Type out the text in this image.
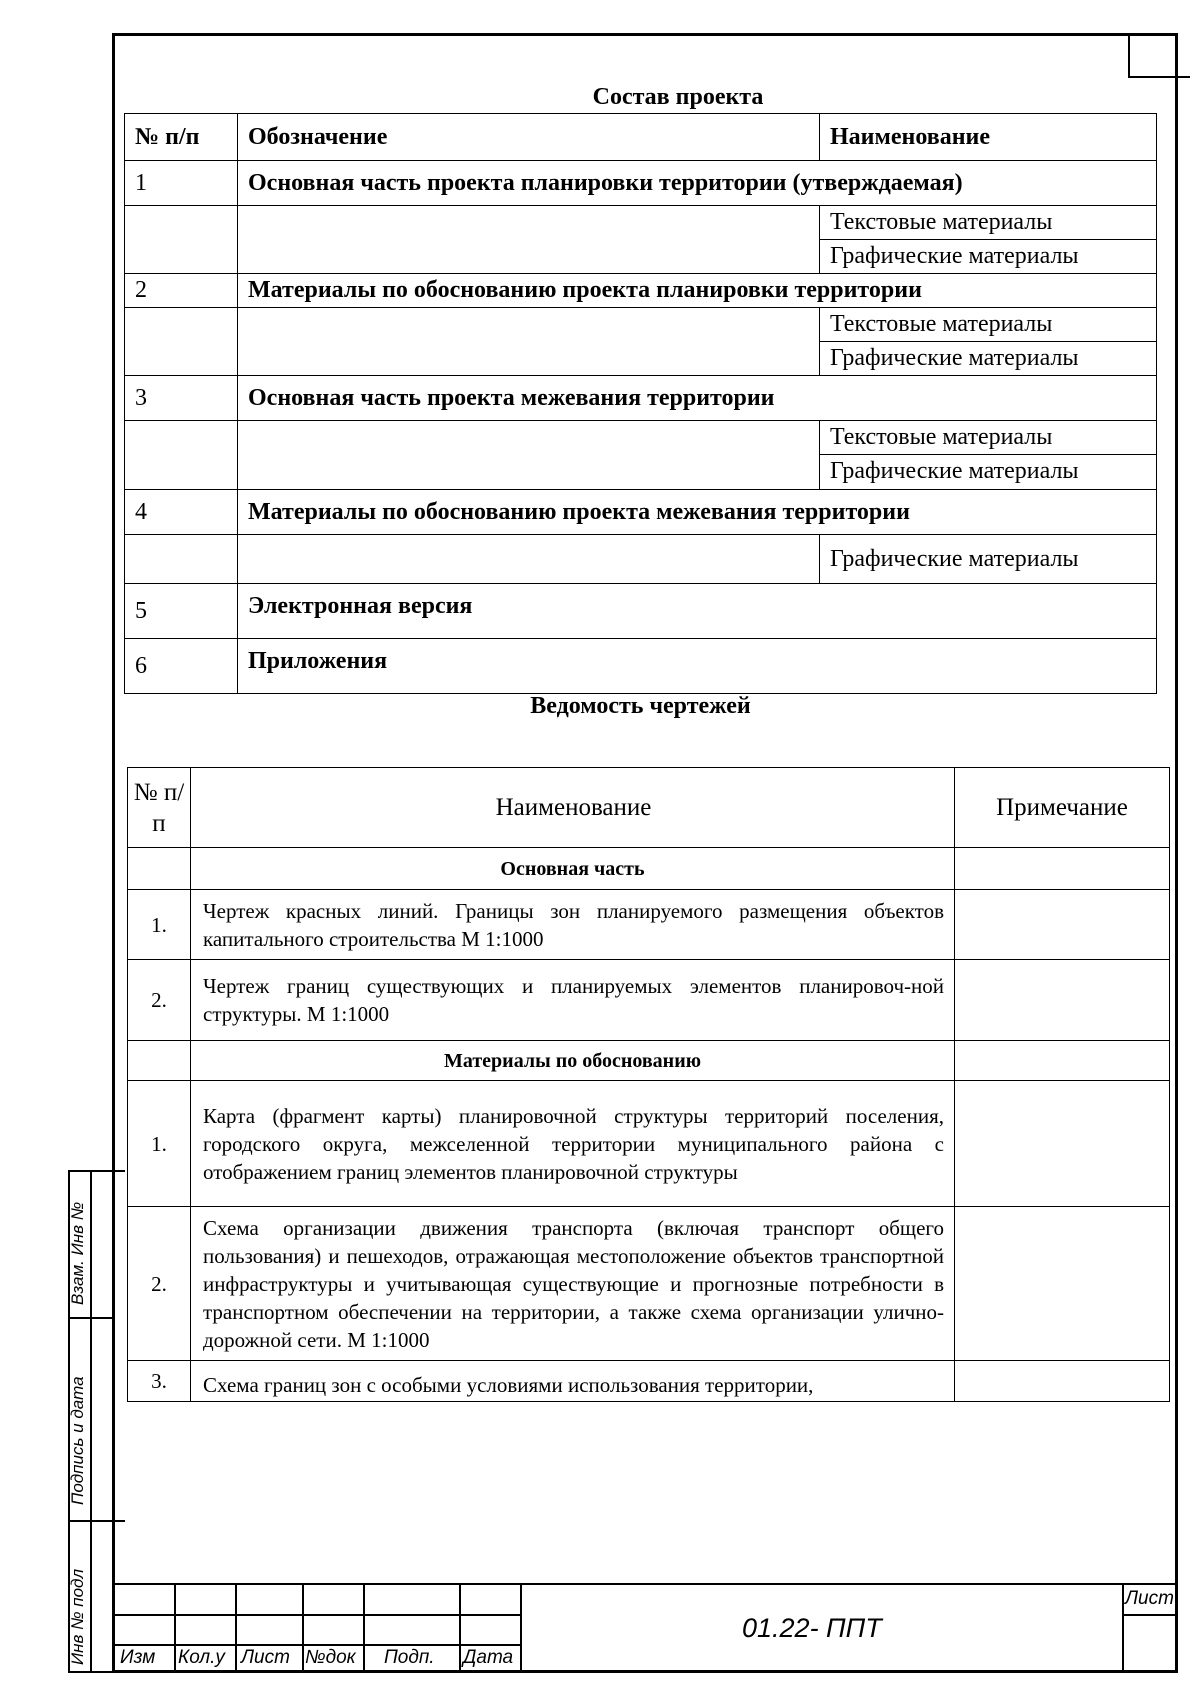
Состав проекта
№ п/п	Обозначение	Наименование
1	Основная часть проекта планировки территории (утверждаемая)	
		Текстовые материалы
		Графические материалы
2	Материалы по обоснованию проекта планировки территории	
		Текстовые материалы
		Графические материалы
3	Основная часть проекта межевания территории	
		Текстовые материалы
		Графические материалы
4	Материалы по обоснованию проекта межевания территории	
		Графические материалы
5	Электронная версия	
6	Приложения	
Ведомость чертежей
№ п/п	Наименование	Примечание
	Основная часть	
1.	Чертеж красных линий. Границы зон планируемого размещения объектов капитального строительства М 1:1000	
2.	Чертеж границ существующих и планируемых элементов планировоч-ной структуры. М 1:1000	
	Материалы по обоснованию	
1.	Карта (фрагмент карты) планировочной структуры территорий поселения, городского округа, межселенной территории муниципального района с отображением границ элементов планировочной структуры	
2.	Схема организации движения транспорта (включая транспорт общего пользования) и пешеходов, отражающая местоположение объектов транспортной инфраструктуры и учитывающая существующие и прогнозные потребности в транспортном обеспечении на территории, а также схема организации улично-дорожной сети. М 1:1000	
3.	Схема границ зон с особыми условиями использования территории,	
Взам. Инв №
Подпись и дата
Инв № подл Изм Кол.у Лист №док Подп. Дата
01.22- ППТ
Лист
